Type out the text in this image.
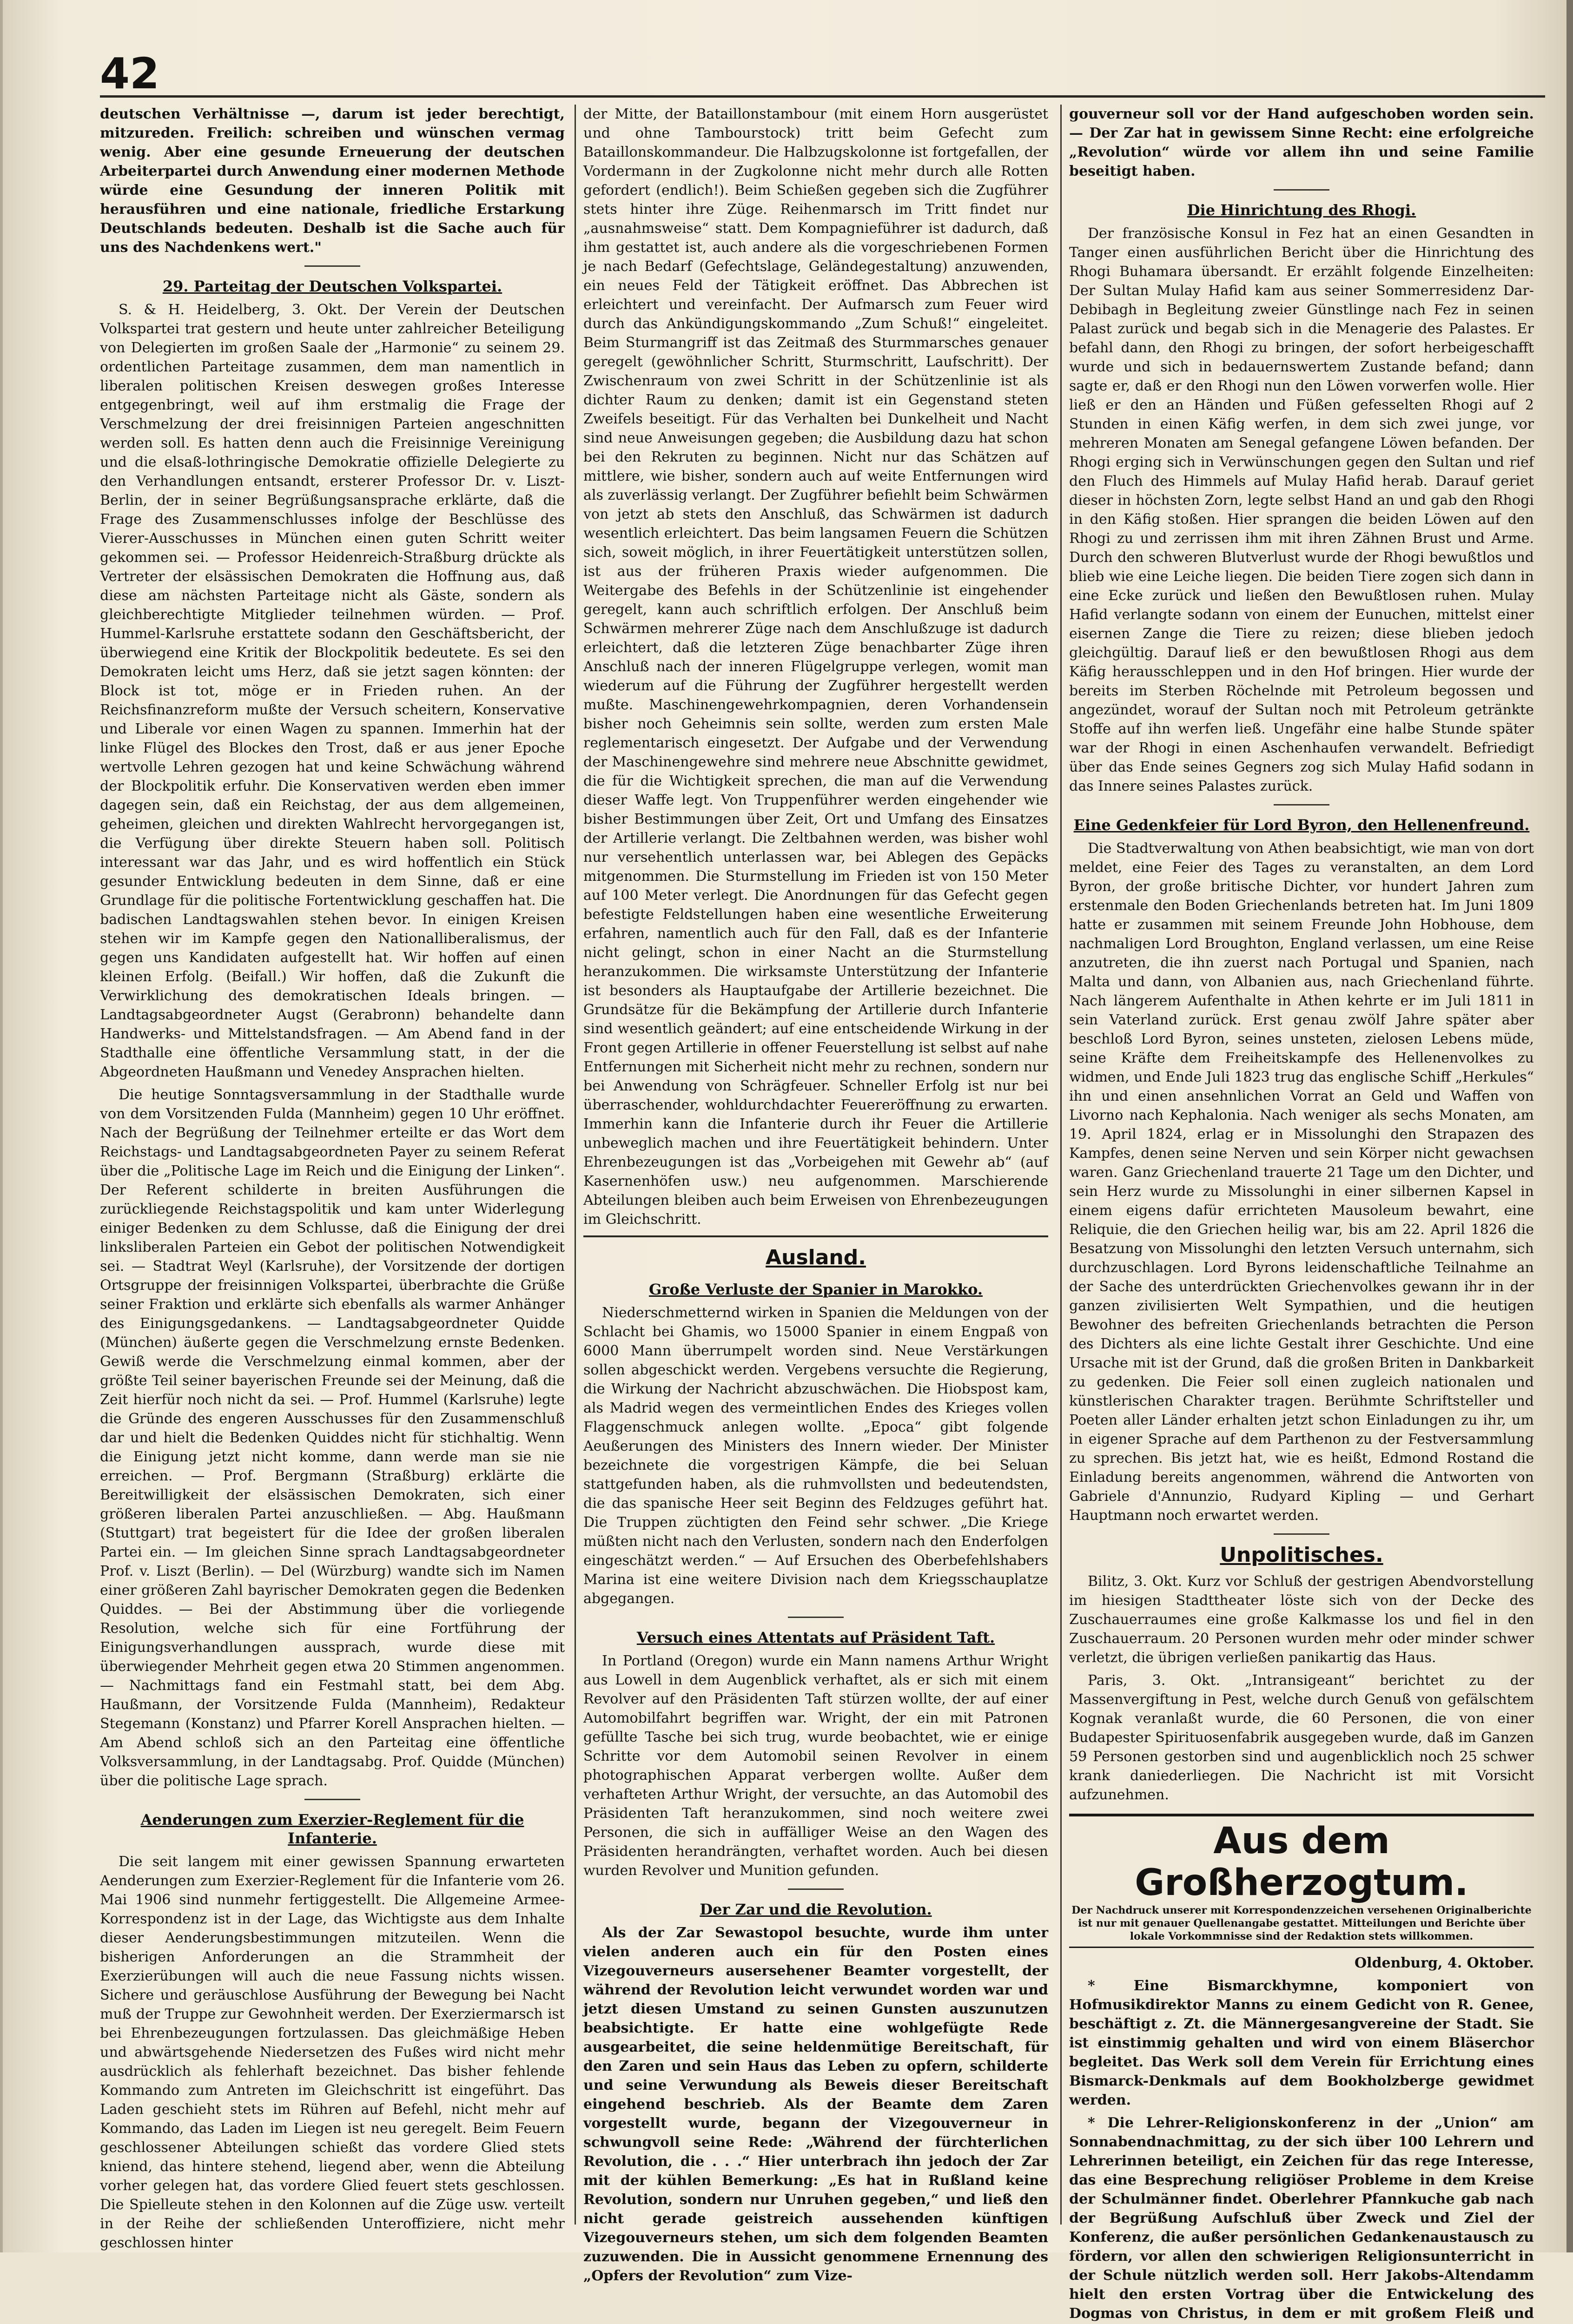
42

deutschen Verhältnisse —, darum ist jeder berechtigt, mitzureden. Freilich: schreiben und wünschen vermag wenig. Aber eine gesunde Erneuerung der deutschen Arbeiterpartei durch Anwendung einer modernen Methode würde eine Gesundung der inneren Politik mit herausführen und eine nationale, friedliche Erstarkung Deutschlands bedeuten. Deshalb ist die Sache auch für uns des Nachdenkens wert."

29. Parteitag der Deutschen Volkspartei.

S. & H. Heidelberg, 3. Okt. Der Verein der Deutschen Volkspartei trat gestern und heute unter zahlreicher Beteiligung von Delegierten im großen Saale der „Harmonie“ zu seinem 29. ordentlichen Parteitage zusammen, dem man namentlich in liberalen politischen Kreisen deswegen großes Interesse entgegenbringt, weil auf ihm erstmalig die Frage der Verschmelzung der drei freisinnigen Parteien angeschnitten werden soll. Es hatten denn auch die Freisinnige Vereinigung und die elsaß-lothringische Demokratie offizielle Delegierte zu den Verhandlungen entsandt, ersterer Professor Dr. v. Liszt-Berlin, der in seiner Begrüßungsansprache erklärte, daß die Frage des Zusammenschlusses infolge der Beschlüsse des Vierer-Ausschusses in München einen guten Schritt weiter gekommen sei. — Professor Heidenreich-Straßburg drückte als Vertreter der elsässischen Demokraten die Hoffnung aus, daß diese am nächsten Parteitage nicht als Gäste, sondern als gleichberechtigte Mitglieder teilnehmen würden. — Prof. Hummel-Karlsruhe erstattete sodann den Geschäftsbericht, der überwiegend eine Kritik der Blockpolitik bedeutete. Es sei den Demokraten leicht ums Herz, daß sie jetzt sagen könnten: der Block ist tot, möge er in Frieden ruhen. An der Reichsfinanzreform mußte der Versuch scheitern, Konservative und Liberale vor einen Wagen zu spannen. Immerhin hat der linke Flügel des Blockes den Trost, daß er aus jener Epoche wertvolle Lehren gezogen hat und keine Schwächung während der Blockpolitik erfuhr. Die Konservativen werden eben immer dagegen sein, daß ein Reichstag, der aus dem allgemeinen, geheimen, gleichen und direkten Wahlrecht hervorgegangen ist, die Verfügung über direkte Steuern haben soll. Politisch interessant war das Jahr, und es wird hoffentlich ein Stück gesunder Entwicklung bedeuten in dem Sinne, daß er eine Grundlage für die politische Fortentwicklung geschaffen hat. Die badischen Landtagswahlen stehen bevor. In einigen Kreisen stehen wir im Kampfe gegen den Nationalliberalismus, der gegen uns Kandidaten aufgestellt hat. Wir hoffen auf einen kleinen Erfolg. (Beifall.) Wir hoffen, daß die Zukunft die Verwirklichung des demokratischen Ideals bringen. — Landtagsabgeordneter Augst (Gerabronn) behandelte dann Handwerks- und Mittelstandsfragen. — Am Abend fand in der Stadthalle eine öffentliche Versammlung statt, in der die Abgeordneten Haußmann und Venedey Ansprachen hielten.

Die heutige Sonntagsversammlung in der Stadthalle wurde von dem Vorsitzenden Fulda (Mannheim) gegen 10 Uhr eröffnet. Nach der Begrüßung der Teilnehmer erteilte er das Wort dem Reichstags- und Landtagsabgeordneten Payer zu seinem Referat über die „Politische Lage im Reich und die Einigung der Linken“. Der Referent schilderte in breiten Ausführungen die zurückliegende Reichstagspolitik und kam unter Widerlegung einiger Bedenken zu dem Schlusse, daß die Einigung der drei linksliberalen Parteien ein Gebot der politischen Notwendigkeit sei. — Stadtrat Weyl (Karlsruhe), der Vorsitzende der dortigen Ortsgruppe der freisinnigen Volkspartei, überbrachte die Grüße seiner Fraktion und erklärte sich ebenfalls als warmer Anhänger des Einigungsgedankens. — Landtagsabgeordneter Quidde (München) äußerte gegen die Verschmelzung ernste Bedenken. Gewiß werde die Verschmelzung einmal kommen, aber der größte Teil seiner bayerischen Freunde sei der Meinung, daß die Zeit hierfür noch nicht da sei. — Prof. Hummel (Karlsruhe) legte die Gründe des engeren Ausschusses für den Zusammenschluß dar und hielt die Bedenken Quiddes nicht für stichhaltig. Wenn die Einigung jetzt nicht komme, dann werde man sie nie erreichen. — Prof. Bergmann (Straßburg) erklärte die Bereitwilligkeit der elsässischen Demokraten, sich einer größeren liberalen Partei anzuschließen. — Abg. Haußmann (Stuttgart) trat begeistert für die Idee der großen liberalen Partei ein. — Im gleichen Sinne sprach Landtagsabgeordneter Prof. v. Liszt (Berlin). — Del (Würzburg) wandte sich im Namen einer größeren Zahl bayrischer Demokraten gegen die Bedenken Quiddes. — Bei der Abstimmung über die vorliegende Resolution, welche sich für eine Fortführung der Einigungsverhandlungen aussprach, wurde diese mit überwiegender Mehrheit gegen etwa 20 Stimmen angenommen. — Nachmittags fand ein Festmahl statt, bei dem Abg. Haußmann, der Vorsitzende Fulda (Mannheim), Redakteur Stegemann (Konstanz) und Pfarrer Korell Ansprachen hielten. — Am Abend schloß sich an den Parteitag eine öffentliche Volksversammlung, in der Landtagsabg. Prof. Quidde (München) über die politische Lage sprach.

Aenderungen zum Exerzier-Reglement für die Infanterie.

Die seit langem mit einer gewissen Spannung erwarteten Aenderungen zum Exerzier-Reglement für die Infanterie vom 26. Mai 1906 sind nunmehr fertiggestellt. Die Allgemeine Armee-Korrespondenz ist in der Lage, das Wichtigste aus dem Inhalte dieser Aenderungsbestimmungen mitzuteilen. Wenn die bisherigen Anforderungen an die Strammheit der Exerzierübungen will auch die neue Fassung nichts wissen. Sichere und geräuschlose Ausführung der Bewegung bei Nacht muß der Truppe zur Gewohnheit werden. Der Exerziermarsch ist bei Ehrenbezeugungen fortzulassen. Das gleichmäßige Heben und abwärtsgehende Niedersetzen des Fußes wird nicht mehr ausdrücklich als fehlerhaft bezeichnet. Das bisher fehlende Kommando zum Antreten im Gleichschritt ist eingeführt. Das Laden geschieht stets im Rühren auf Befehl, nicht mehr auf Kommando, das Laden im Liegen ist neu geregelt. Beim Feuern geschlossener Abteilungen schießt das vordere Glied stets kniend, das hintere stehend, liegend aber, wenn die Abteilung vorher gelegen hat, das vordere Glied feuert stets geschlossen. Die Spielleute stehen in den Kolonnen auf die Züge usw. verteilt in der Reihe der schließenden Unteroffiziere, nicht mehr geschlossen hinter

der Mitte, der Bataillonstambour (mit einem Horn ausgerüstet und ohne Tambourstock) tritt beim Gefecht zum Bataillonskommandeur. Die Halbzugskolonne ist fortgefallen, der Vordermann in der Zugkolonne nicht mehr durch alle Rotten gefordert (endlich!). Beim Schießen gegeben sich die Zugführer stets hinter ihre Züge. Reihenmarsch im Tritt findet nur „ausnahmsweise“ statt. Dem Kompagnieführer ist dadurch, daß ihm gestattet ist, auch andere als die vorgeschriebenen Formen je nach Bedarf (Gefechtslage, Geländegestaltung) anzuwenden, ein neues Feld der Tätigkeit eröffnet. Das Abbrechen ist erleichtert und vereinfacht. Der Aufmarsch zum Feuer wird durch das Ankündigungskommando „Zum Schuß!“ eingeleitet. Beim Sturmangriff ist das Zeitmaß des Sturmmarsches genauer geregelt (gewöhnlicher Schritt, Sturmschritt, Laufschritt). Der Zwischenraum von zwei Schritt in der Schützenlinie ist als dichter Raum zu denken; damit ist ein Gegenstand steten Zweifels beseitigt. Für das Verhalten bei Dunkelheit und Nacht sind neue Anweisungen gegeben; die Ausbildung dazu hat schon bei den Rekruten zu beginnen. Nicht nur das Schätzen auf mittlere, wie bisher, sondern auch auf weite Entfernungen wird als zuverlässig verlangt. Der Zugführer befiehlt beim Schwärmen von jetzt ab stets den Anschluß, das Schwärmen ist dadurch wesentlich erleichtert. Das beim langsamen Feuern die Schützen sich, soweit möglich, in ihrer Feuertätigkeit unterstützen sollen, ist aus der früheren Praxis wieder aufgenommen. Die Weitergabe des Befehls in der Schützenlinie ist eingehender geregelt, kann auch schriftlich erfolgen. Der Anschluß beim Schwärmen mehrerer Züge nach dem Anschlußzuge ist dadurch erleichtert, daß die letzteren Züge benachbarter Züge ihren Anschluß nach der inneren Flügelgruppe verlegen, womit man wiederum auf die Führung der Zugführer hergestellt werden mußte. Maschinengewehrkompagnien, deren Vorhandensein bisher noch Geheimnis sein sollte, werden zum ersten Male reglementarisch eingesetzt. Der Aufgabe und der Verwendung der Maschinengewehre sind mehrere neue Abschnitte gewidmet, die für die Wichtigkeit sprechen, die man auf die Verwendung dieser Waffe legt. Von Truppenführer werden eingehender wie bisher Bestimmungen über Zeit, Ort und Umfang des Einsatzes der Artillerie verlangt. Die Zeltbahnen werden, was bisher wohl nur versehentlich unterlassen war, bei Ablegen des Gepäcks mitgenommen. Die Sturmstellung im Frieden ist von 150 Meter auf 100 Meter verlegt. Die Anordnungen für das Gefecht gegen befestigte Feldstellungen haben eine wesentliche Erweiterung erfahren, namentlich auch für den Fall, daß es der Infanterie nicht gelingt, schon in einer Nacht an die Sturmstellung heranzukommen. Die wirksamste Unterstützung der Infanterie ist besonders als Hauptaufgabe der Artillerie bezeichnet. Die Grundsätze für die Bekämpfung der Artillerie durch Infanterie sind wesentlich geändert; auf eine entscheidende Wirkung in der Front gegen Artillerie in offener Feuerstellung ist selbst auf nahe Entfernungen mit Sicherheit nicht mehr zu rechnen, sondern nur bei Anwendung von Schrägfeuer. Schneller Erfolg ist nur bei überraschender, wohldurchdachter Feuereröffnung zu erwarten. Immerhin kann die Infanterie durch ihr Feuer die Artillerie unbeweglich machen und ihre Feuertätigkeit behindern. Unter Ehrenbezeugungen ist das „Vorbeigehen mit Gewehr ab“ (auf Kasernenhöfen usw.) neu aufgenommen. Marschierende Abteilungen bleiben auch beim Erweisen von Ehrenbezeugungen im Gleichschritt.

Ausland.
Große Verluste der Spanier in Marokko.

Niederschmetternd wirken in Spanien die Meldungen von der Schlacht bei Ghamis, wo 15000 Spanier in einem Engpaß von 6000 Mann überrumpelt worden sind. Neue Verstärkungen sollen abgeschickt werden. Vergebens versuchte die Regierung, die Wirkung der Nachricht abzuschwächen. Die Hiobspost kam, als Madrid wegen des vermeintlichen Endes des Krieges vollen Flaggenschmuck anlegen wollte. „Epoca“ gibt folgende Aeußerungen des Ministers des Innern wieder. Der Minister bezeichnete die vorgestrigen Kämpfe, die bei Seluan stattgefunden haben, als die ruhmvollsten und bedeutendsten, die das spanische Heer seit Beginn des Feldzuges geführt hat. Die Truppen züchtigten den Feind sehr schwer. „Die Kriege müßten nicht nach den Verlusten, sondern nach den Enderfolgen eingeschätzt werden.“ — Auf Ersuchen des Oberbefehlshabers Marina ist eine weitere Division nach dem Kriegsschauplatze abgegangen.

Versuch eines Attentats auf Präsident Taft.

In Portland (Oregon) wurde ein Mann namens Arthur Wright aus Lowell in dem Augenblick verhaftet, als er sich mit einem Revolver auf den Präsidenten Taft stürzen wollte, der auf einer Automobilfahrt begriffen war. Wright, der ein mit Patronen gefüllte Tasche bei sich trug, wurde beobachtet, wie er einige Schritte vor dem Automobil seinen Revolver in einem photographischen Apparat verbergen wollte. Außer dem verhafteten Arthur Wright, der versuchte, an das Automobil des Präsidenten Taft heranzukommen, sind noch weitere zwei Personen, die sich in auffälliger Weise an den Wagen des Präsidenten herandrängten, verhaftet worden. Auch bei diesen wurden Revolver und Munition gefunden.

Der Zar und die Revolution.

Als der Zar Sewastopol besuchte, wurde ihm unter vielen anderen auch ein für den Posten eines Vizegouverneurs ausersehener Beamter vorgestellt, der während der Revolution leicht verwundet worden war und jetzt diesen Umstand zu seinen Gunsten auszunutzen beabsichtigte. Er hatte eine wohlgefügte Rede ausgearbeitet, die seine heldenmütige Bereitschaft, für den Zaren und sein Haus das Leben zu opfern, schilderte und seine Verwundung als Beweis dieser Bereitschaft eingehend beschrieb. Als der Beamte dem Zaren vorgestellt wurde, begann der Vizegouverneur in schwungvoll seine Rede: „Während der fürchterlichen Revolution, die . . .“ Hier unterbrach ihn jedoch der Zar mit der kühlen Bemerkung: „Es hat in Rußland keine Revolution, sondern nur Unruhen gegeben,“ und ließ den nicht gerade geistreich aussehenden künftigen Vizegouverneurs stehen, um sich dem folgenden Beamten zuzuwenden. Die in Aussicht genommene Ernennung des „Opfers der Revolution“ zum Vize-

gouverneur soll vor der Hand aufgeschoben worden sein. — Der Zar hat in gewissem Sinne Recht: eine erfolgreiche „Revolution“ würde vor allem ihn und seine Familie beseitigt haben.

Die Hinrichtung des Rhogi.

Der französische Konsul in Fez hat an einen Gesandten in Tanger einen ausführlichen Bericht über die Hinrichtung des Rhogi Buhamara übersandt. Er erzählt folgende Einzelheiten: Der Sultan Mulay Hafid kam aus seiner Sommerresidenz Dar-Debibagh in Begleitung zweier Günstlinge nach Fez in seinen Palast zurück und begab sich in die Menagerie des Palastes. Er befahl dann, den Rhogi zu bringen, der sofort herbeigeschafft wurde und sich in bedauernswertem Zustande befand; dann sagte er, daß er den Rhogi nun den Löwen vorwerfen wolle. Hier ließ er den an Händen und Füßen gefesselten Rhogi auf 2 Stunden in einen Käfig werfen, in dem sich zwei junge, vor mehreren Monaten am Senegal gefangene Löwen befanden. Der Rhogi erging sich in Verwünschungen gegen den Sultan und rief den Fluch des Himmels auf Mulay Hafid herab. Darauf geriet dieser in höchsten Zorn, legte selbst Hand an und gab den Rhogi in den Käfig stoßen. Hier sprangen die beiden Löwen auf den Rhogi zu und zerrissen ihm mit ihren Zähnen Brust und Arme. Durch den schweren Blutverlust wurde der Rhogi bewußtlos und blieb wie eine Leiche liegen. Die beiden Tiere zogen sich dann in eine Ecke zurück und ließen den Bewußtlosen ruhen. Mulay Hafid verlangte sodann von einem der Eunuchen, mittelst einer eisernen Zange die Tiere zu reizen; diese blieben jedoch gleichgültig. Darauf ließ er den bewußtlosen Rhogi aus dem Käfig herausschleppen und in den Hof bringen. Hier wurde der bereits im Sterben Röchelnde mit Petroleum begossen und angezündet, worauf der Sultan noch mit Petroleum getränkte Stoffe auf ihn werfen ließ. Ungefähr eine halbe Stunde später war der Rhogi in einen Aschenhaufen verwandelt. Befriedigt über das Ende seines Gegners zog sich Mulay Hafid sodann in das Innere seines Palastes zurück.

Eine Gedenkfeier für Lord Byron, den Hellenenfreund.

Die Stadtverwaltung von Athen beabsichtigt, wie man von dort meldet, eine Feier des Tages zu veranstalten, an dem Lord Byron, der große britische Dichter, vor hundert Jahren zum erstenmale den Boden Griechenlands betreten hat. Im Juni 1809 hatte er zusammen mit seinem Freunde John Hobhouse, dem nachmaligen Lord Broughton, England verlassen, um eine Reise anzutreten, die ihn zuerst nach Portugal und Spanien, nach Malta und dann, von Albanien aus, nach Griechenland führte. Nach längerem Aufenthalte in Athen kehrte er im Juli 1811 in sein Vaterland zurück. Erst genau zwölf Jahre später aber beschloß Lord Byron, seines unsteten, zielosen Lebens müde, seine Kräfte dem Freiheitskampfe des Hellenenvolkes zu widmen, und Ende Juli 1823 trug das englische Schiff „Herkules“ ihn und einen ansehnlichen Vorrat an Geld und Waffen von Livorno nach Kephalonia. Nach weniger als sechs Monaten, am 19. April 1824, erlag er in Missolunghi den Strapazen des Kampfes, denen seine Nerven und sein Körper nicht gewachsen waren. Ganz Griechenland trauerte 21 Tage um den Dichter, und sein Herz wurde zu Missolunghi in einer silbernen Kapsel in einem eigens dafür errichteten Mausoleum bewahrt, eine Reliquie, die den Griechen heilig war, bis am 22. April 1826 die Besatzung von Missolunghi den letzten Versuch unternahm, sich durchzuschlagen. Lord Byrons leidenschaftliche Teilnahme an der Sache des unterdrückten Griechenvolkes gewann ihr in der ganzen zivilisierten Welt Sympathien, und die heutigen Bewohner des befreiten Griechenlands betrachten die Person des Dichters als eine lichte Gestalt ihrer Geschichte. Und eine Ursache mit ist der Grund, daß die großen Briten in Dankbarkeit zu gedenken. Die Feier soll einen zugleich nationalen und künstlerischen Charakter tragen. Berühmte Schriftsteller und Poeten aller Länder erhalten jetzt schon Einladungen zu ihr, um in eigener Sprache auf dem Parthenon zu der Festversammlung zu sprechen. Bis jetzt hat, wie es heißt, Edmond Rostand die Einladung bereits angenommen, während die Antworten von Gabriele d'Annunzio, Rudyard Kipling — und Gerhart Hauptmann noch erwartet werden.

Unpolitisches.

Bilitz, 3. Okt. Kurz vor Schluß der gestrigen Abendvorstellung im hiesigen Stadttheater löste sich von der Decke des Zuschauerraumes eine große Kalkmasse los und fiel in den Zuschauerraum. 20 Personen wurden mehr oder minder schwer verletzt, die übrigen verließen panikartig das Haus.

Paris, 3. Okt. „Intransigeant“ berichtet zu der Massenvergiftung in Pest, welche durch Genuß von gefälschtem Kognak veranlaßt wurde, die 60 Personen, die von einer Budapester Spirituosenfabrik ausgegeben wurde, daß im Ganzen 59 Personen gestorben sind und augenblicklich noch 25 schwer krank daniederliegen. Die Nachricht ist mit Vorsicht aufzunehmen.

Aus dem Großherzogtum.
Der Nachdruck unserer mit Korrespondenzzeichen versehenen Originalberichte ist nur mit genauer Quellenangabe gestattet. Mitteilungen und Berichte über lokale Vorkommnisse sind der Redaktion stets willkommen.

Oldenburg, 4. Oktober.

* Eine Bismarckhymne, komponiert von Hofmusikdirektor Manns zu einem Gedicht von R. Genee, beschäftigt z. Zt. die Männergesangvereine der Stadt. Sie ist einstimmig gehalten und wird von einem Bläserchor begleitet. Das Werk soll dem Verein für Errichtung eines Bismarck-Denkmals auf dem Bookholzberge gewidmet werden.

* Die Lehrer-Religionskonferenz in der „Union“ am Sonnabendnachmittag, zu der sich über 100 Lehrern und Lehrerinnen beteiligt, ein Zeichen für das rege Interesse, das eine Besprechung religiöser Probleme in dem Kreise der Schulmänner findet. Oberlehrer Pfannkuche gab nach der Begrüßung Aufschluß über Zweck und Ziel der Konferenz, die außer persönlichen Gedankenaustausch zu fördern, vor allen den schwierigen Religionsunterricht in der Schule nützlich werden soll. Herr Jakobs-Altendamm hielt den ersten Vortrag über die Entwickelung des Dogmas von Christus, in dem er mit großem Fleiß und
